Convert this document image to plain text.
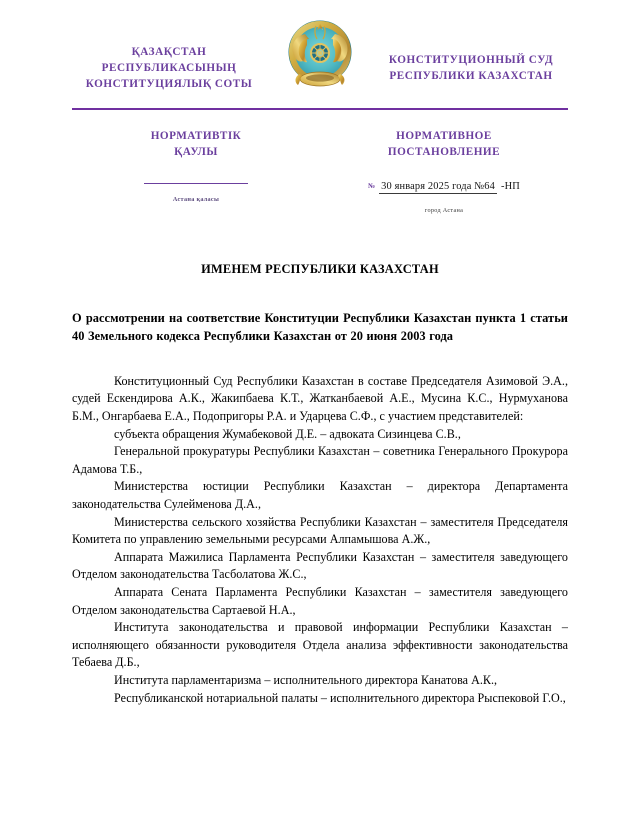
ҚАЗАҚСТАН РЕСПУБЛИКАСЫНЫҢ
КОНСТИТУЦИЯЛЫҚ СОТЫ
КОНСТИТУЦИОННЫЙ СУД
РЕСПУБЛИКИ КАЗАХСТАН
НОРМАТИВТІК
ҚАУЛЫ
Астана қаласы
НОРМАТИВНОЕ
ПОСТАНОВЛЕНИЕ
№ 30 января 2025 года №64 -НП
город Астана
ИМЕНЕМ РЕСПУБЛИКИ КАЗАХСТАН
О рассмотрении на соответствие Конституции Республики Казахстан пункта 1 статьи 40 Земельного кодекса Республики Казахстан от 20 июня 2003 года

Конституционный Суд Республики Казахстан в составе Председателя Азимовой Э.А., судей Ескендирова А.К., Жакипбаева К.Т., Жатканбаевой А.Е., Мусина К.С., Нурмуханова Б.М., Онгарбаева Е.А., Подопригоры Р.А. и Ударцева С.Ф., с участием представителей:

субъекта обращения Жумабековой Д.Е. – адвоката Сизинцева С.В.,

Генеральной прокуратуры Республики Казахстан – советника Генерального Прокурора Адамова Т.Б.,

Министерства юстиции Республики Казахстан – директора Департамента законодательства Сулейменова Д.А.,

Министерства сельского хозяйства Республики Казахстан – заместителя Председателя Комитета по управлению земельными ресурсами Алпамышова А.Ж.,

Аппарата Мажилиса Парламента Республики Казахстан – заместителя заведующего Отделом законодательства Тасболатова Ж.С.,

Аппарата Сената Парламента Республики Казахстан – заместителя заведующего Отделом законодательства Сартаевой Н.А.,

Института законодательства и правовой информации Республики Казахстан – исполняющего обязанности руководителя Отдела анализа эффективности законодательства Тебаева Д.Б.,

Института парламентаризма – исполнительного директора Канатова А.К.,

Республиканской нотариальной палаты – исполнительного директора Рыспековой Г.О.,
